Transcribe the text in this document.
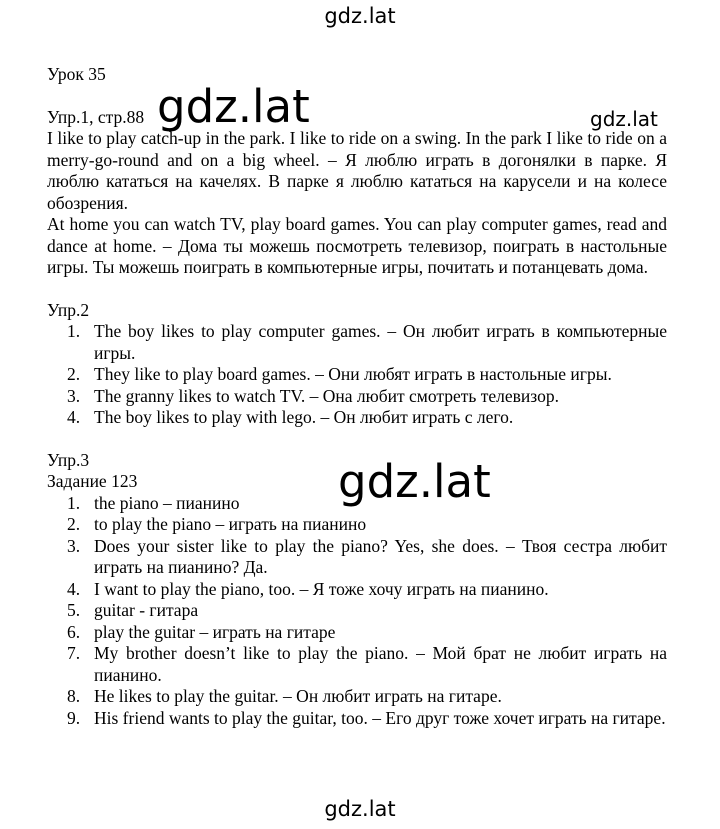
gdz.lat
gdz.lat	gdz.lat
gdz.lat
gdz.lat

Урок 35

Упр.1, стр.88

I like to play catch-up in the park. I like to ride on a swing. In the park I like to ride on a merry-go-round and on a big wheel. – Я люблю играть в догонялки в парке. Я люблю кататься на качелях. В парке я люблю кататься на карусели и на колесе обозрения.

At home you can watch TV, play board games. You can play computer games, read and dance at home. – Дома ты можешь посмотреть телевизор, поиграть в настольные игры. Ты можешь поиграть в компьютерные игры, почитать и потанцевать дома.

Упр.2

1. The boy likes to play computer games. – Он любит играть в компьютерные игры.
2. They like to play board games. – Они любят играть в настольные игры.
3. The granny likes to watch TV. – Она любит смотреть телевизор.
4. The boy likes to play with lego. – Он любит играть с лего.

Упр.3

Задание 123

1. the piano – пианино
2. to play the piano – играть на пианино
3. Does your sister like to play the piano? Yes, she does. – Твоя сестра любит играть на пианино? Да.
4. I want to play the piano, too. – Я тоже хочу играть на пианино.
5. guitar - гитара
6. play the guitar – играть на гитаре
7. My brother doesn’t like to play the piano. – Мой брат не любит играть на пианино.
8. He likes to play the guitar. – Он любит играть на гитаре.
9. His friend wants to play the guitar, too. – Его друг тоже хочет играть на гитаре.
